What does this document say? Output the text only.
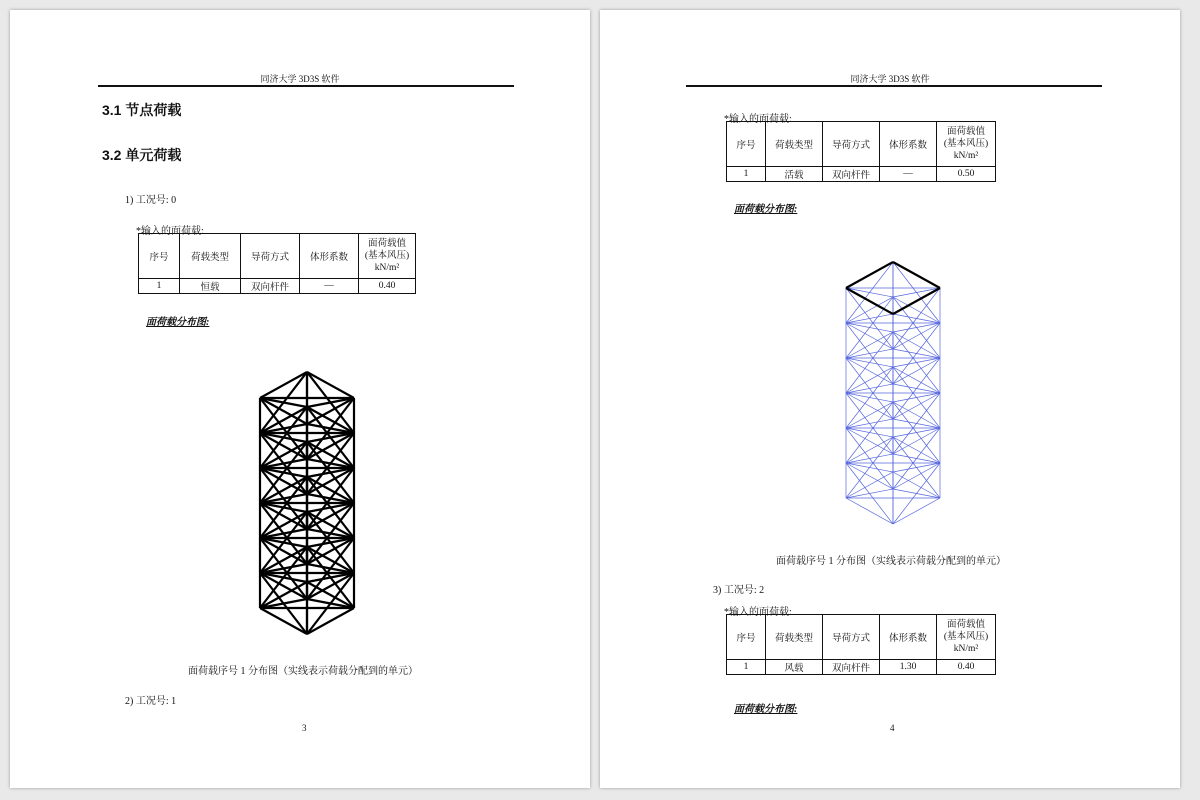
同济大学 3D3S 软件
3.1 节点荷载
3.2 单元荷载
1) 工况号: 0
*输入的面荷载:
序号	荷载类型	导荷方式	体形系数	面荷载值
(基本风压)
kN/m²

1	恒载	双向杆件	—	0.40
面荷载分布图:
面荷载序号 1 分布图（实线表示荷载分配到的单元）
2) 工况号: 1
3
同济大学 3D3S 软件
*输入的面荷载:
序号	荷载类型	导荷方式	体形系数	面荷载值
(基本风压)
kN/m²

1	活载	双向杆件	—	0.50
面荷载分布图:
面荷载序号 1 分布图（实线表示荷载分配到的单元）
3) 工况号: 2
*输入的面荷载:
序号	荷载类型	导荷方式	体形系数	面荷载值
(基本风压)
kN/m²

1	风载	双向杆件	1.30	0.40
面荷载分布图:
4
